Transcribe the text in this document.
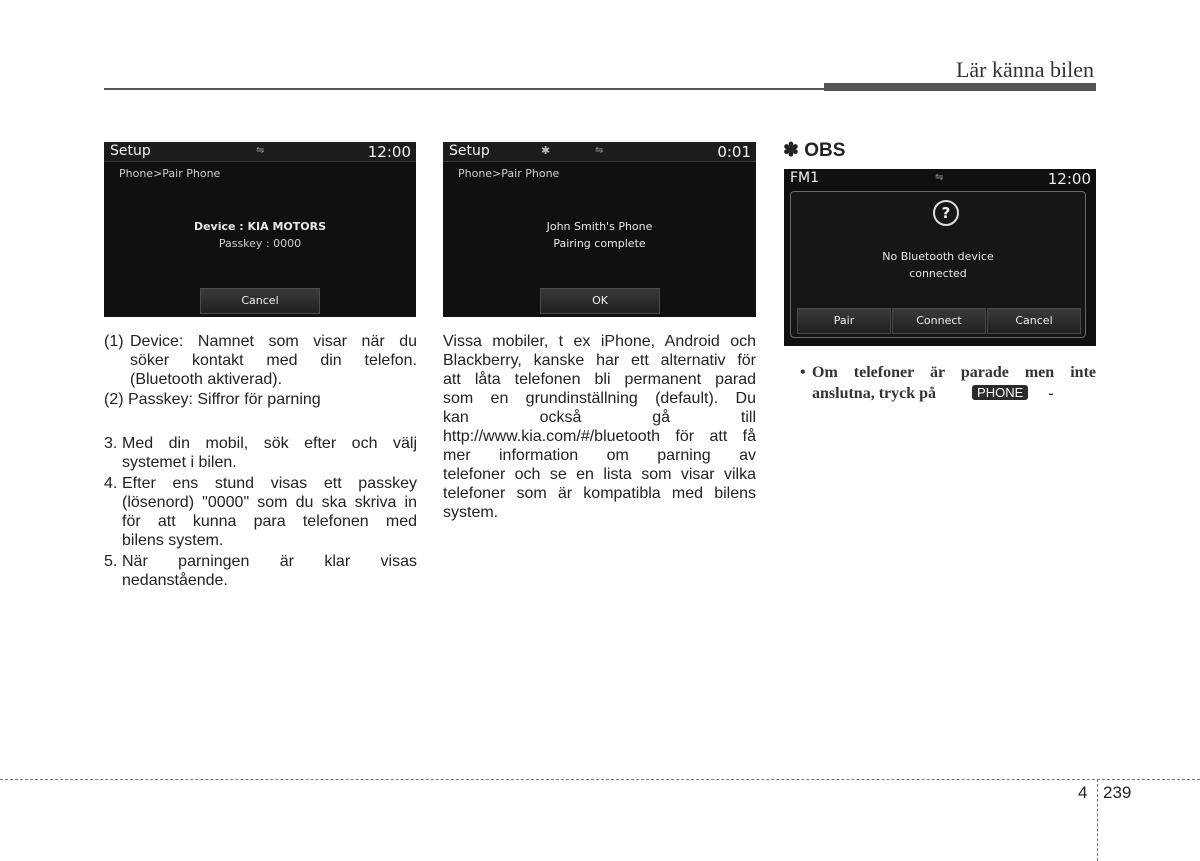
Lär känna bilen
Setup	⇋	12:00
Phone>Pair Phone
Device : KIA MOTORS
Passkey : 0000
Cancel
Setup	✱	⇋	0:01
Phone>Pair Phone
John Smith's Phone
Pairing complete
OK
(1) Device: Namnet som visar när du
söker kontakt med din telefon.
(Bluetooth aktiverad).
(2) Passkey: Siffror för parning
3. Med din mobil, sök efter och välj
systemet i bilen.
4. Efter ens stund visas ett passkey
(lösenord) "0000" som du ska skriva in
för att kunna para telefonen med
bilens system.
5. När parningen är klar visas
nedanstående.
Vissa mobiler, t ex iPhone, Android och
Blackberry, kanske har ett alternativ för
att låta telefonen bli permanent parad
som en grundinställning (default). Du
kan också gå till
http://www.kia.com/#/bluetooth för att få
mer information om parning av
telefoner och se en lista som visar vilka
telefoner som är kompatibla med bilens
system.
✽ OBS
FM1	⇋	12:00
?
No Bluetooth device
connected
Pair	Connect	Cancel
• Om telefoner är parade men inte
anslutna, tryck på	PHONE -
4 239
